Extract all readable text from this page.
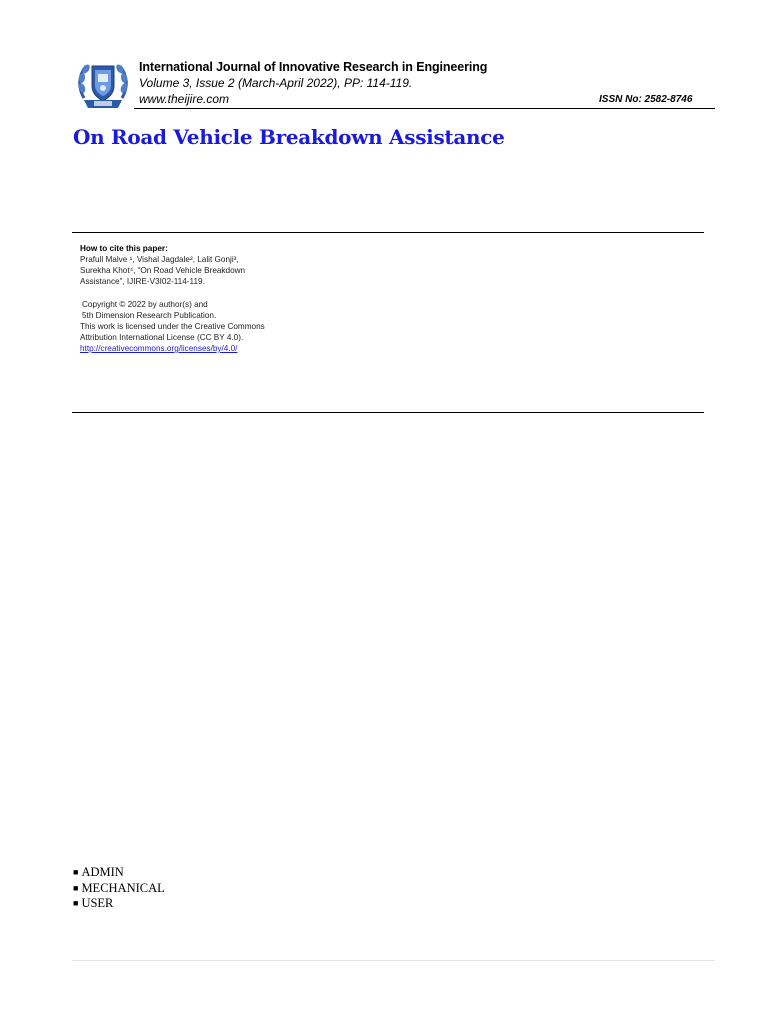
International Journal of Innovative Research in Engineering
Volume 3, Issue 2 (March-April 2022), PP: 114-119.
www.theijire.com	ISSN No: 2582-8746
On Road Vehicle Breakdown Assistance
How to cite this paper:
Prafull Malve ¹, Vishal Jagdale², Lalit Gonji³,
Surekha Khot⁴, “On Road Vehicle Breakdown
Assistance”, IJIRE-V3I02-114-119.
Copyright © 2022 by author(s) and
5th Dimension Research Publication.
This work is licensed under the Creative Commons
Attribution International License (CC BY 4.0).
http://creativecommons.org/licenses/by/4.0/
■ ADMIN
■ MECHANICAL
■ USER
